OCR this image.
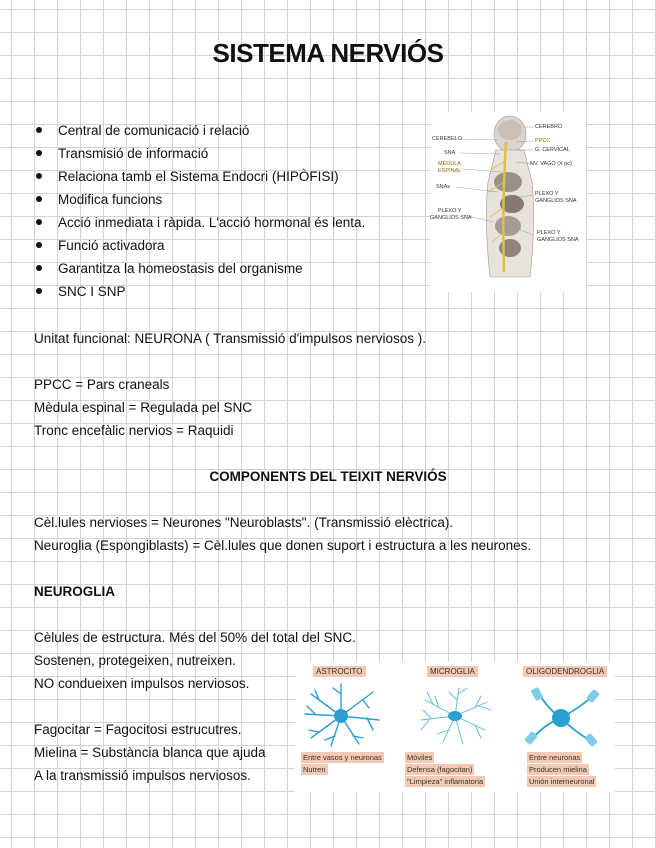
SISTEMA NERVIÓS
Central de comunicació i relació
Transmisió de informació
Relaciona tamb el Sistema Endocri (HIPÒFISI)
Modifica funcions
Acció inmediata i ràpida. L'acció hormonal és lenta.
Funció activadora
Garantitza la homeostasis del organisme
SNC I SNP
CEREBELO
SNA
MÉDULA
ESPINAL
SNAs
PLEXO Y
GANGLIOS SNA
CEREBRO
PPCC
G. CERVICAL
NV. VAGO (X pc)
PLEXO Y
GANGLIOS SNA
PLEXO Y
GANGLIOS SNA
Unitat funcional: NEURONA ( Transmissió d'impulsos nerviosos ).
PPCC = Pars craneals
Mèdula espinal = Regulada pel SNC
Tronc encefàlic nervios = Raquidi
COMPONENTS DEL TEIXIT NERVIÓS
Cèl.lules nervioses = Neurones "Neuroblasts". (Transmissió elèctrica).
Neuroglia (Espongiblasts) = Cèl.lules que donen suport i estructura a les neurones.
NEUROGLIA
Cèlules de estructura. Més del 50% del total del SNC.
Sostenen, protegeixen, nutreixen.
NO condueixen impulsos nerviosos.
Fagocitar = Fagocitosi estrucutres.
Mielina = Substància blanca que ajuda
A la transmissió impulsos nerviosos.
ASTROCITO
Entre vasos y neuronas
Nutren
MICROGLIA
Móviles
Defensa (fagocitan)
"Limpieza" inflamatoria
OLIGODENDROGLIA
Entre neuronas
Producen mielina
Unión interneuronal
